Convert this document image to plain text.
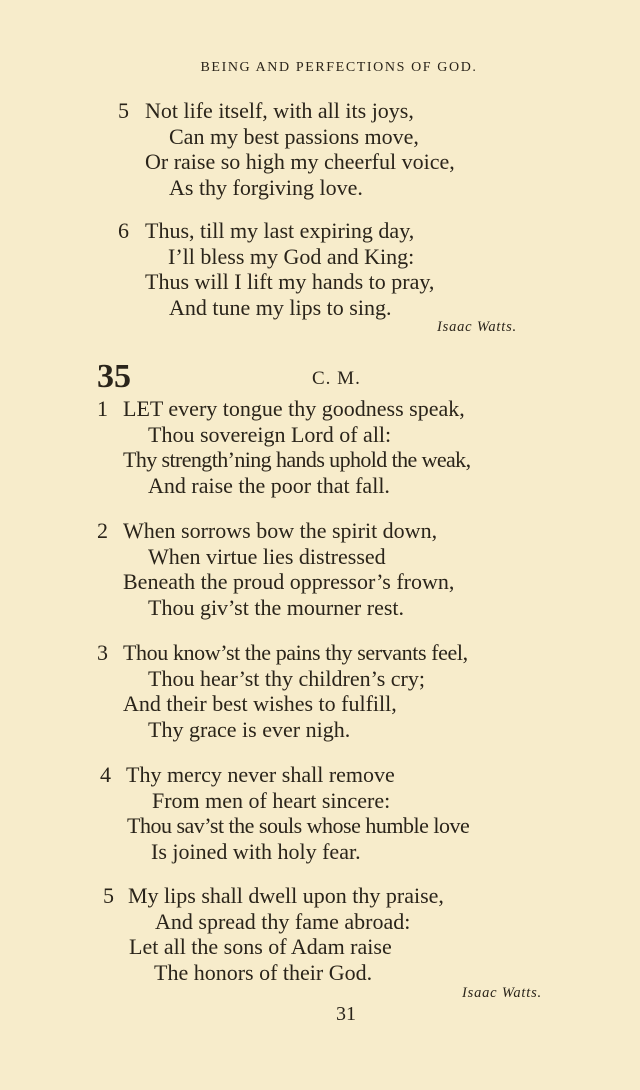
BEING AND PERFECTIONS OF GOD.
5 Not life itself, with all its joys,
Can my best passions move,
Or raise so high my cheerful voice,
As thy forgiving love.
6 Thus, till my last expiring day,
I’ll bless my God and King:
Thus will I lift my hands to pray,
And tune my lips to sing.
Isaac Watts.
35	C. M.
1 LET every tongue thy goodness speak,
Thou sovereign Lord of all:
Thy strength’ning hands uphold the weak,
And raise the poor that fall.
2 When sorrows bow the spirit down,
When virtue lies distressed
Beneath the proud oppressor’s frown,
Thou giv’st the mourner rest.
3 Thou know’st the pains thy servants feel,
Thou hear’st thy children’s cry;
And their best wishes to fulfill,
Thy grace is ever nigh.
4 Thy mercy never shall remove
From men of heart sincere:
Thou sav’st the souls whose humble love
Is joined with holy fear.
5 My lips shall dwell upon thy praise,
And spread thy fame abroad:
Let all the sons of Adam raise
The honors of their God.
Isaac Watts.
31
